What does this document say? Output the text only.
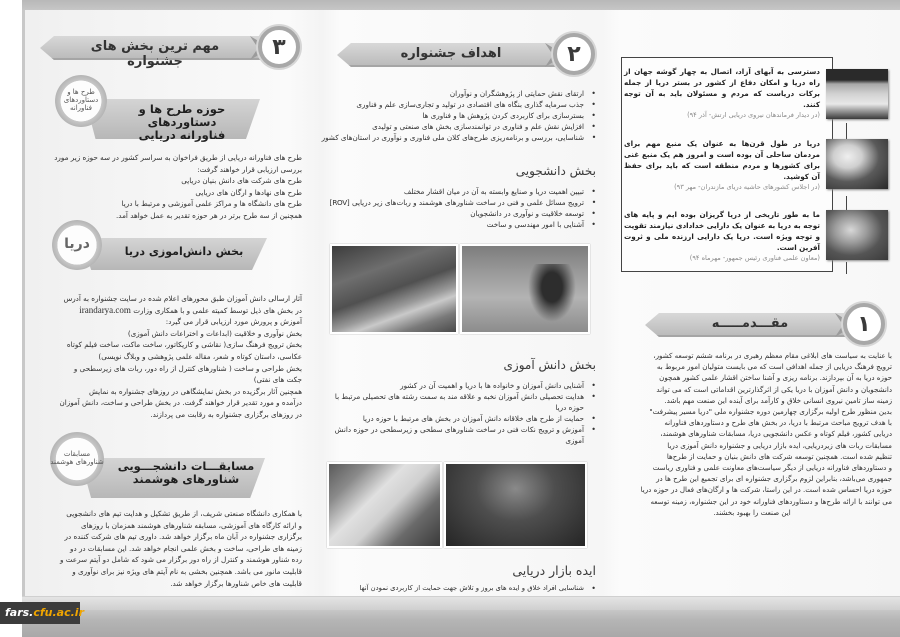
مهم ترین بخش های جشنواره
۳
طرح ها و دستاوردهای فناورانه	حوزه طرح ها و دستاوردهای
فناورانه دریایی
طرح های فناورانه دریایی از طریق فراخوان به سراسر کشور در سه حوزه زیر مورد
بررسی ارزیابی قرار خواهند گرفت:
طرح های شرکت های دانش بنیان دریایی
طرح های نهادها و ارگان های دریایی
طرح های دانشگاه ها و مراکز علمی آموزشی و مرتبط با دریا
همچنین از سه طرح برتر در هر حوزه تقدیر به عمل خواهد آمد.
دریا	بخش دانش‌اموزی دریا
آثار ارسالی دانش آموزان طبق محورهای اعلام شده در سایت جشنواره به آدرس
در بخش های ذیل توسط کمیته علمی و با همکاری وزارت irandarya.com
آموزش و پرورش مورد ارزیابی قرار می گیرد:
بخش نوآوری و خلاقیت (ابداعات و اختراعات دانش آموزی)
بخش ترویج فرهنگ سازی( نقاشی و کاریکاتور، ساخت ماکت، ساخت فیلم کوتاه
عکاسی، داستان کوتاه و شعر، مقاله علمی پژوهشی و وبلاگ نویسی)
بخش طراحی و ساخت ( شناورهای کنترل از راه دور، ربات های زیرسطحی و
جکت های نفتی)
همچنین آثار برگزیده در بخش نمایشگاهی در روزهای جشنواره به نمایش
درآمده و مورد تقدیر قرار خواهند گرفت. در بخش طراحی و ساخت، دانش آموزان
در روزهای برگزاری جشنواره به رقابت می پردازند.
مسابقات شناورهای هوشمند مسابقـــات دانشجـــویی
شناورهای هوشمند
با همکاری دانشگاه صنعتی شریف، از طریق تشکیل و هدایت تیم های دانشجویی
و ارائه کارگاه های آموزشی، مسابقه شناورهای هوشمند همزمان با روزهای
برگزاری جشنواره در آبان ماه برگزار خواهد شد. داوری تیم های شرکت کننده در
زمینه های طراحی، ساخت و بخش علمی انجام خواهد شد. این مسابقات در دو
رده شناور هوشمند و کنترل از راه دور برگزار می شود که شامل دو آیتم سرعت و
قابلیت مانور می باشد. همچنین بخشی به نام آیتم های ویژه نیز برای نوآوری و
قابلیت های خاص شناورها برگزار خواهد شد.
اهداف جشنواره	۲
• ارتقای نقش حمایتی از پژوهشگران و نوآوران
• جذب سرمایه گذاری بنگاه های اقتصادی در تولید و تجاری‌سازی علم و فناوری
• بسترسازی برای کاربردی کردن پژوهش ها و فناوری ها
• افزایش نقش علم و فناوری در توانمندسازی بخش های صنعتی و تولیدی
• شناسایی، بررسی‌ و برنامه‌ریزی طرح‌های کلان ملی فناوری و نوآوری در استان‌های کشور
بخش دانشجویی
• تبیین اهمیت دریا و صنایع وابسته به آن در میان اقشار مختلف
• ترویج مسائل علمی‌ و فنی در ساخت شناورهای هوشمند و ربات‌های زیر دریایی [ROV]
• توسعه خلاقیت و نوآوری در دانشجویان
• آشنایی با امور مهندسی و ساخت
بخش دانش آموزی
• آشنایی دانش آموزان و خانواده ها با دریا و اهمیت آن در کشور
• هدایت تحصیلی دانش آموزان نخبه و علاقه مند به سمت رشته های تحصیلی مرتبط با حوزه دریا
• حمایت از طرح های خلاقانه دانش آموزان در بخش های مرتبط با حوزه دریا
• آموزش و ترویج نکات فنی در ساخت شناورهای سطحی و زیرسطحی در حوزه دانش آموزی
ایده بازار دریایی
• شناسایی افراد خلاق و ایده های بروز و تلاش جهت حمایت از کاربردی نمودن آنها
دسترسی به آبهای آزاد، اتصال به چهار گوشه جهان از راه دریا و امکان دفاع از کشور در بستر دریا از جمله برکات دریاست که مردم و مسئولان باید به آن توجه کنند.
(در دیدار فرماندهان نیروی دریایی ارتش- آذر ۹۴)
دریا در طول قرن‌ها به عنوان یک منبع مهم برای مردمان ساحلی آن بوده است و امروز هم یک منبع غنی برای کشورها و مردم منطقه است که باید برای حفظ آن کوشید.
(در اجلاس کشورهای حاشیه دریای مازندران- مهر ۹۳)
ما به طور تاریخی از دریا گریزان بوده ایم و پایه های توجه به دریا به عنوان یک دارایی خدادادی نیازمند تقویت و توجه ویژه است. دریا یک دارایی ارزنده ملی و ثروت آفرین است.
(معاون علمی فناوری رئیس جمهور- مهرماه ۹۴)
مقـــدمـــــه	۱
با عنایت به سیاست های ابلاغی مقام معظم رهبری در برنامه ششم توسعه کشور،
ترویج فرهنگ دریایی از جمله اهدافی است که می بایست متولیان امور مربوط به
حوزه دریا به آن بپردازند. برنامه ریزی و آشنا ساختن اقشار علمی کشور همچون
دانشجویان و دانش آموزان با دریا یکی از اثرگذارترین اقداماتی است که می تواند
زمینه ساز تامین نیروی انسانی خلاق و کارآمد برای آینده این صنعت مهم باشد.
بدین منظور طرح اولیه برگزاری چهارمین دوره جشنواره ملی "دریا مسیر پیشرفت"
با هدف ترویج مباحث مرتبط با دریا، در بخش های طرح و دستاوردهای فناورانه
دریایی کشور، فیلم کوتاه و عکس دانشجویی دریا، مسابقات شناورهای هوشمند،
مسابقات ربات های زیردریایی، ایده بازار دریایی و جشنواره دانش آموزی دریا
تنظیم شده است. همچنین توسعه شرکت های دانش بنیان و حمایت از طرح‌ها
و دستاوردهای فناورانه دریایی از دیگر سیاست‌های معاونت علمی و فناوری ریاست
جمهوری می‌باشد، بنابراین لزوم برگزاری جشنواره ای برای تجمیع این طرح ها در
حوزه دریا احساس شده است. در این راستا، شرکت ها و ارگان‌های فعال در حوزه دریا
می توانند با ارائه طرح‌ها و دستاوردهای فناورانه خود در این جشنواره، زمینه توسعه
این صنعت را بهبود بخشند.
fars.cfu.ac.ir
